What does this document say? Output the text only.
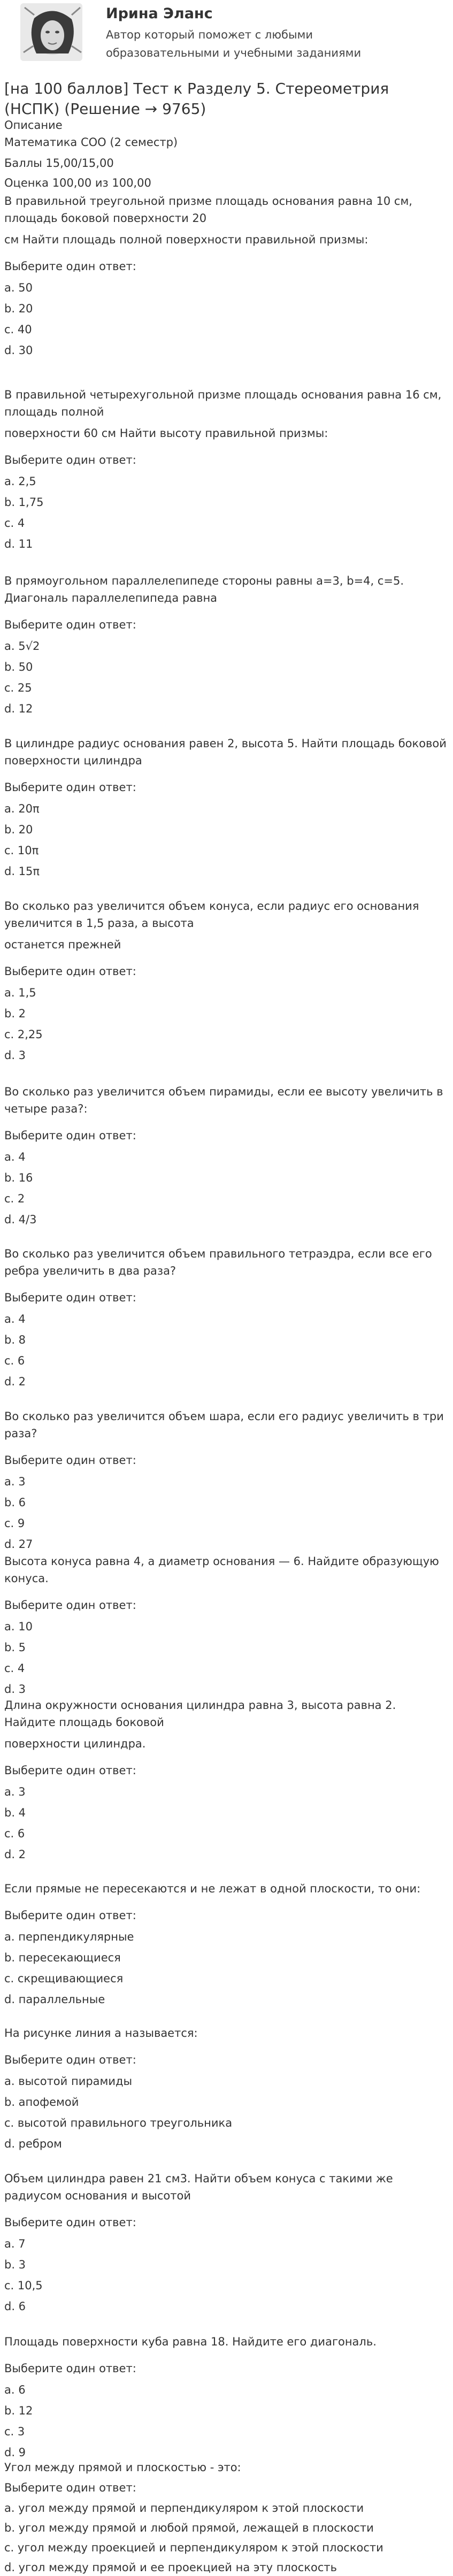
Ирина Эланс
Автор который поможет с любыми образовательными и учебными заданиями
[на 100 баллов] Тест к Разделу 5. Стереометрия (НСПК) (Решение → 9765)
Описание
Математика СОО (2 семестр)
Баллы 15,00/15,00
Оценка 100,00 из 100,00
В правильной треугольной призме площадь основания равна 10 см, площадь боковой поверхности 20
см Найти площадь полной поверхности правильной призмы:
Выберите один ответ:
a. 50
b. 20
c. 40
d. 30
В правильной четырехугольной призме площадь основания равна 16 см, площадь полной
поверхности 60 см Найти высоту правильной призмы:
Выберите один ответ:
a. 2,5
b. 1,75
c. 4
d. 11
В прямоугольном параллелепипеде стороны равны a=3, b=4, c=5. Диагональ параллелепипеда равна
Выберите один ответ:
a. 5√2
b. 50
c. 25
d. 12
В цилиндре радиус основания равен 2, высота 5. Найти площадь боковой поверхности цилиндра
Выберите один ответ:
a. 20π
b. 20
c. 10π
d. 15π
Во сколько раз увеличится объем конуса, если радиус его основания увеличится в 1,5 раза, а высота
останется прежней
Выберите один ответ:
a. 1,5
b. 2
c. 2,25
d. 3
Во сколько раз увеличится объем пирамиды, если ее высоту увеличить в четыре раза?:
Выберите один ответ:
a. 4
b. 16
c. 2
d. 4/3
Во сколько раз увеличится объем правильного тетраэдра, если все его ребра увеличить в два раза?
Выберите один ответ:
a. 4
b. 8
c. 6
d. 2
Во сколько раз увеличится объем шара, если его радиус увеличить в три раза?
Выберите один ответ:
a. 3
b. 6
c. 9
d. 27
Высота конуса равна 4, а диаметр основания — 6. Найдите образующую конуса.
Выберите один ответ:
a. 10
b. 5
c. 4
d. 3
Длина окружности основания цилиндра равна 3, высота равна 2. Найдите площадь боковой
поверхности цилиндра.
Выберите один ответ:
a. 3
b. 4
c. 6
d. 2
Если прямые не пересекаются и не лежат в одной плоскости, то они:
Выберите один ответ:
a. перпендикулярные
b. пересекающиеся
c. скрещивающиеся
d. параллельные
На рисунке линия а называется:
Выберите один ответ:
a. высотой пирамиды
b. апофемой
c. высотой правильного треугольника
d. ребром
Объем цилиндра равен 21 см3. Найти объем конуса с такими же радиусом основания и высотой
Выберите один ответ:
a. 7
b. 3
c. 10,5
d. 6
Площадь поверхности куба равна 18. Найдите его диагональ.
Выберите один ответ:
a. 6
b. 12
c. 3
d. 9
Угол между прямой и плоскостью - это:
Выберите один ответ:
a. угол между прямой и перпендикуляром к этой плоскости
b. угол между прямой и любой прямой, лежащей в плоскости
c. угол между проекцией и перпендикуляром к этой плоскости
d. угол между прямой и ее проекцией на эту плоскость
